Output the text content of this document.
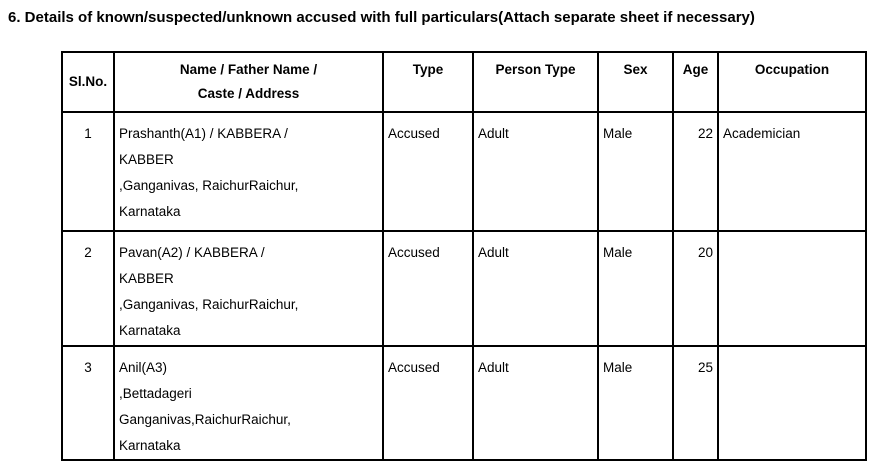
6. Details of known/suspected/unknown accused with full particulars(Attach separate sheet if necessary)
Sl.No.	Name / Father Name /
Caste / Address	Type	Person Type	Sex	Age	Occupation
1	Prashanth(A1) / KABBERA /
KABBER
,Ganganivas, RaichurRaichur,
Karnataka	Accused	Adult	Male	22	Academician
2	Pavan(A2) / KABBERA /
KABBER
,Ganganivas, RaichurRaichur,
Karnataka	Accused	Adult	Male	20	
3	Anil(A3)
,Bettadageri
Ganganivas,RaichurRaichur,
Karnataka	Accused	Adult	Male	25	
